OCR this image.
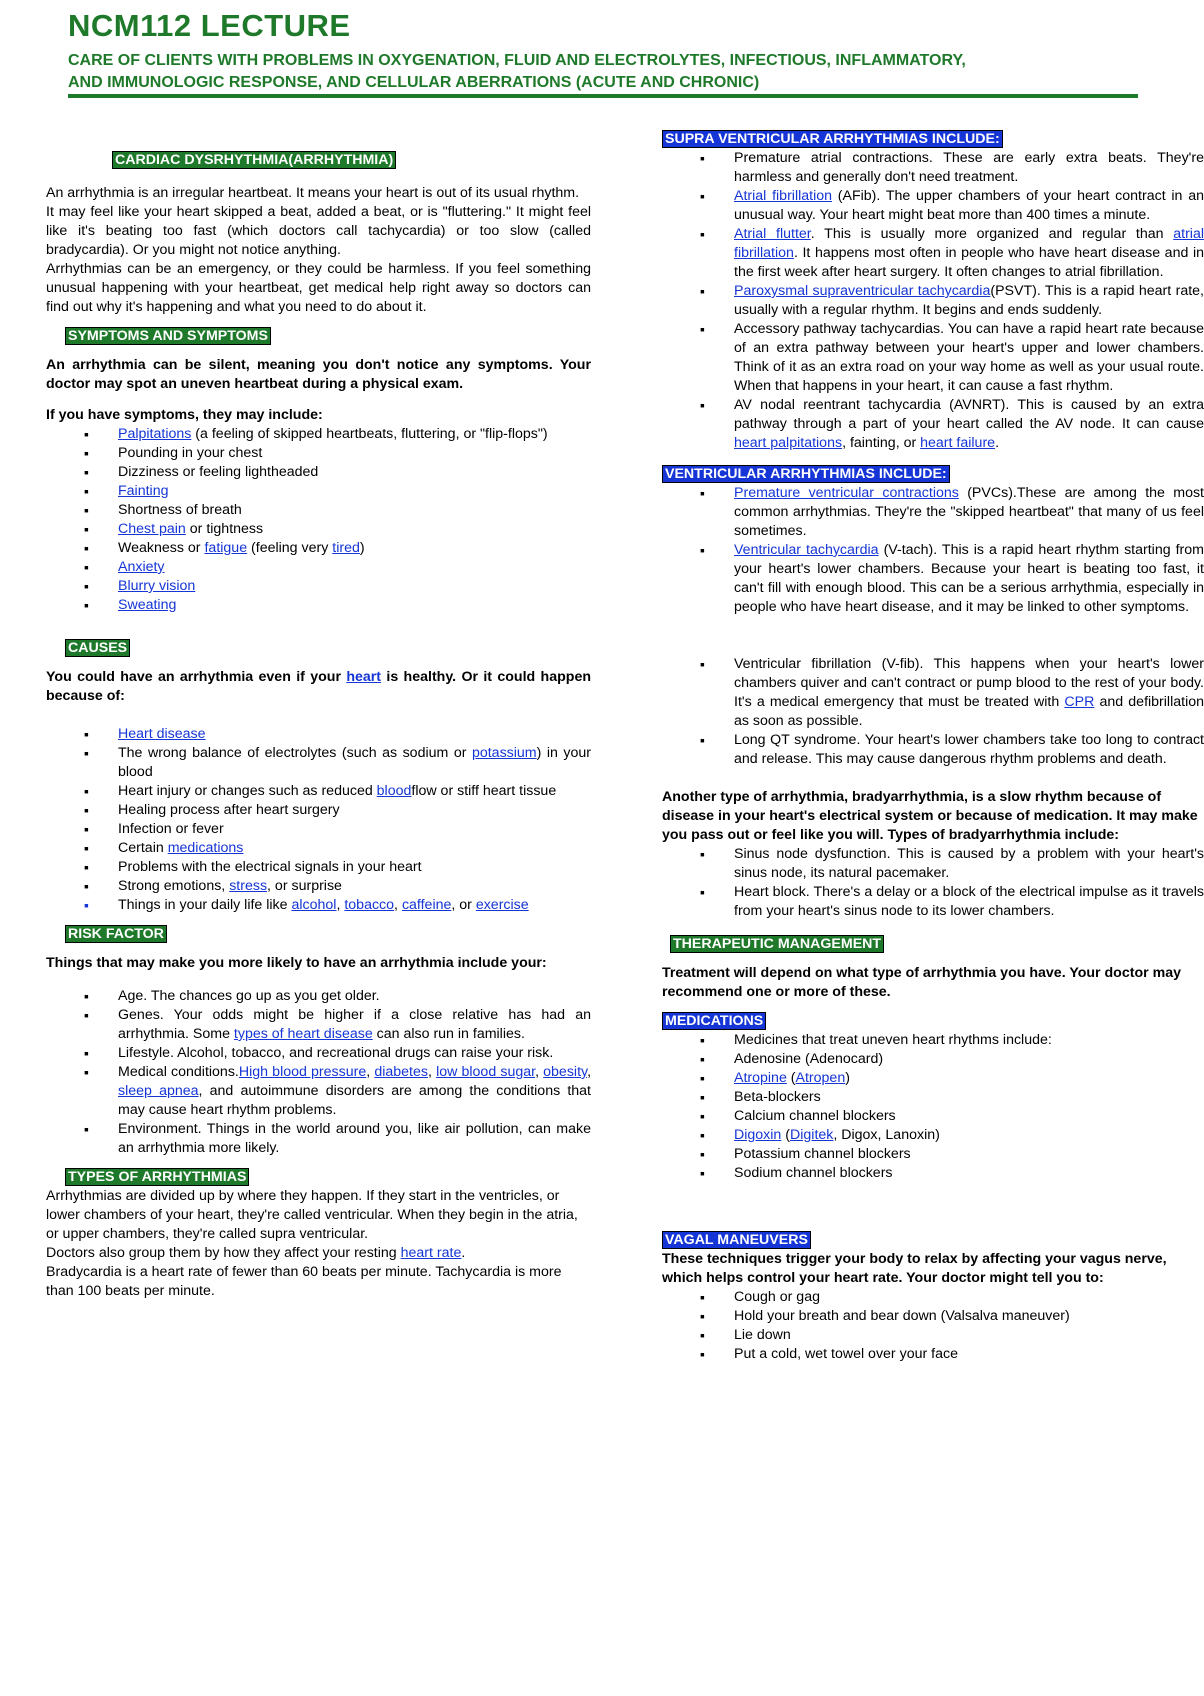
NCM112 LECTURE

CARE OF CLIENTS WITH PROBLEMS IN OXYGENATION, FLUID AND ELECTROLYTES, INFECTIOUS, INFLAMMATORY,

AND IMMUNOLOGIC RESPONSE, AND CELLULAR ABERRATIONS (ACUTE AND CHRONIC)

CARDIAC DYSRHYTHMIA(ARRHYTHMIA)

An arrhythmia is an irregular heartbeat. It means your heart is out of its usual rhythm.

It may feel like your heart skipped a beat, added a beat, or is "fluttering." It might feel like it's beating too fast (which doctors call tachycardia) or too slow (called bradycardia). Or you might not notice anything.

Arrhythmias can be an emergency, or they could be harmless. If you feel something unusual happening with your heartbeat, get medical help right away so doctors can find out why it's happening and what you need to do about it.

SYMPTOMS AND SYMPTOMS

An arrhythmia can be silent, meaning you don't notice any symptoms. Your doctor may spot an uneven heartbeat during a physical exam.

If you have symptoms, they may include:

▪ Palpitations (a feeling of skipped heartbeats, fluttering, or "flip-flops")
▪ Pounding in your chest
▪ Dizziness or feeling lightheaded
▪ Fainting
▪ Shortness of breath
▪ Chest pain or tightness
▪ Weakness or fatigue (feeling very tired)
▪ Anxiety
▪ Blurry vision
▪ Sweating

CAUSES

You could have an arrhythmia even if your heart is healthy. Or it could happen because of:

▪ Heart disease
▪ The wrong balance of electrolytes (such as sodium or potassium) in your blood
▪ Heart injury or changes such as reduced bloodflow or stiff heart tissue
▪ Healing process after heart surgery
▪ Infection or fever
▪ Certain medications
▪ Problems with the electrical signals in your heart
▪ Strong emotions, stress, or surprise
▪ Things in your daily life like alcohol, tobacco, caffeine, or exercise

RISK FACTOR

Things that may make you more likely to have an arrhythmia include your:

▪ Age. The chances go up as you get older.
▪ Genes. Your odds might be higher if a close relative has had an arrhythmia. Some types of heart disease can also run in families.
▪ Lifestyle. Alcohol, tobacco, and recreational drugs can raise your risk.
▪ Medical conditions.High blood pressure, diabetes, low blood sugar, obesity, sleep apnea, and autoimmune disorders are among the conditions that may cause heart rhythm problems.
▪ Environment. Things in the world around you, like air pollution, can make an arrhythmia more likely.

TYPES OF ARRHYTHMIAS

Arrhythmias are divided up by where they happen. If they start in the ventricles, or lower chambers of your heart, they're called ventricular. When they begin in the atria, or upper chambers, they're called supra ventricular.

Doctors also group them by how they affect your resting heart rate.

Bradycardia is a heart rate of fewer than 60 beats per minute. Tachycardia is more than 100 beats per minute.

SUPRA VENTRICULAR ARRHYTHMIAS INCLUDE:

▪ Premature atrial contractions. These are early extra beats. They're harmless and generally don't need treatment.
▪ Atrial fibrillation (AFib). The upper chambers of your heart contract in an unusual way. Your heart might beat more than 400 times a minute.
▪ Atrial flutter. This is usually more organized and regular than atrial fibrillation. It happens most often in people who have heart disease and in the first week after heart surgery. It often changes to atrial fibrillation.
▪ Paroxysmal supraventricular tachycardia(PSVT). This is a rapid heart rate, usually with a regular rhythm. It begins and ends suddenly.
▪ Accessory pathway tachycardias. You can have a rapid heart rate because of an extra pathway between your heart's upper and lower chambers. Think of it as an extra road on your way home as well as your usual route. When that happens in your heart, it can cause a fast rhythm.
▪ AV nodal reentrant tachycardia (AVNRT). This is caused by an extra pathway through a part of your heart called the AV node. It can cause heart palpitations, fainting, or heart failure.

VENTRICULAR ARRHYTHMIAS INCLUDE:

▪ Premature ventricular contractions (PVCs).These are among the most common arrhythmias. They're the "skipped heartbeat" that many of us feel sometimes.
▪ Ventricular tachycardia (V-tach). This is a rapid heart rhythm starting from your heart's lower chambers. Because your heart is beating too fast, it can't fill with enough blood. This can be a serious arrhythmia, especially in people who have heart disease, and it may be linked to other symptoms.
▪ Ventricular fibrillation (V-fib). This happens when your heart's lower chambers quiver and can't contract or pump blood to the rest of your body. It's a medical emergency that must be treated with CPR and defibrillation as soon as possible.
▪ Long QT syndrome. Your heart's lower chambers take too long to contract and release. This may cause dangerous rhythm problems and death.

Another type of arrhythmia, bradyarrhythmia, is a slow rhythm because of disease in your heart's electrical system or because of medication. It may make you pass out or feel like you will. Types of bradyarrhythmia include:

▪ Sinus node dysfunction. This is caused by a problem with your heart's sinus node, its natural pacemaker.
▪ Heart block. There's a delay or a block of the electrical impulse as it travels from your heart's sinus node to its lower chambers.

THERAPEUTIC MANAGEMENT

Treatment will depend on what type of arrhythmia you have. Your doctor may recommend one or more of these.

MEDICATIONS

▪ Medicines that treat uneven heart rhythms include:
▪ Adenosine (Adenocard)
▪ Atropine (Atropen)
▪ Beta-blockers
▪ Calcium channel blockers
▪ Digoxin (Digitek, Digox, Lanoxin)
▪ Potassium channel blockers
▪ Sodium channel blockers

VAGAL MANEUVERS

These techniques trigger your body to relax by affecting your vagus nerve, which helps control your heart rate. Your doctor might tell you to:

▪ Cough or gag
▪ Hold your breath and bear down (Valsalva maneuver)
▪ Lie down
▪ Put a cold, wet towel over your face
